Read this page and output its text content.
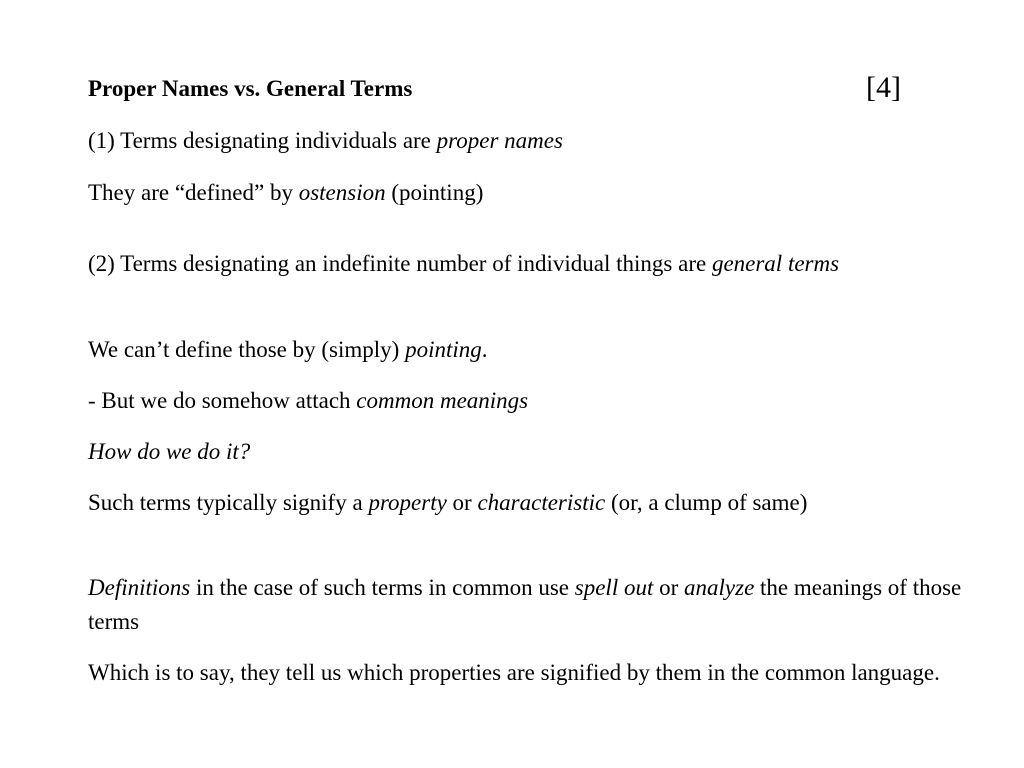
Proper Names vs. General Terms	[4]

(1) Terms designating individuals are proper names

They are “defined” by ostension (pointing)

(2) Terms designating an indefinite number of individual things are general terms

We can’t define those by (simply) pointing.

- But we do somehow attach common meanings

How do we do it?

Such terms typically signify a property or characteristic (or, a clump of same)

Definitions in the case of such terms in common use spell out or analyze the meanings of those terms

Which is to say, they tell us which properties are signified by them in the common language.
